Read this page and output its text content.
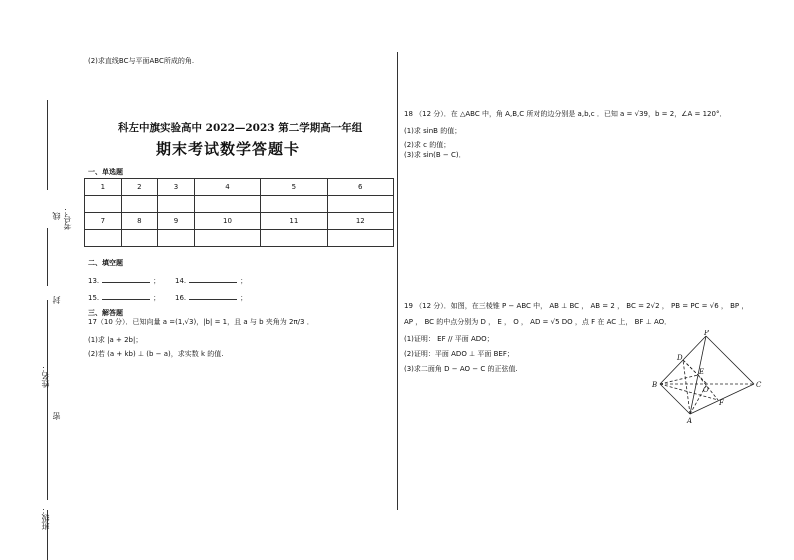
考号：
线
封
姓名：
密
班级：
(2)求直线BC与平面ABC所成的角.
科左中旗实验高中 2022—2023 第二学期高一年组
期末考试数学答题卡
一、单选题
1	2	3	4	5	6

7	8	9	10	11	12

二、填空题
13.	； 14.	；
15.	； 16.	；
三、解答题
17（10 分）．已知向量 a =(1,√3)，|b| = 1，且 a 与 b 夹角为 2π/3 ．
(1)求 |a + 2b|；
(2)若 (a + kb) ⊥ (b − a)，求实数 k 的值.
18 （12 分）．在 △ABC 中，角 A,B,C 所对的边分别是 a,b,c ．已知 a = √39，b = 2，∠A = 120°．
(1)求 sinB 的值；
(2)求 c 的值；
(3)求 sin(B − C)．
19 （12 分）．如图，在三棱锥 P − ABC 中， AB ⊥ BC ， AB = 2 ， BC = 2√2 ， PB = PC = √6 ， BP ，
AP ， BC 的中点分别为 D ， E ， O ， AD = √5 DO ，点 F 在 AC 上， BF ⊥ AO．
(1)证明： EF // 平面 ADO；
(2)证明：平面 ADO ⊥ 平面 BEF；
(3)求二面角 D − AO − C 的正弦值.
P
D
E
O
B	C
F
A
